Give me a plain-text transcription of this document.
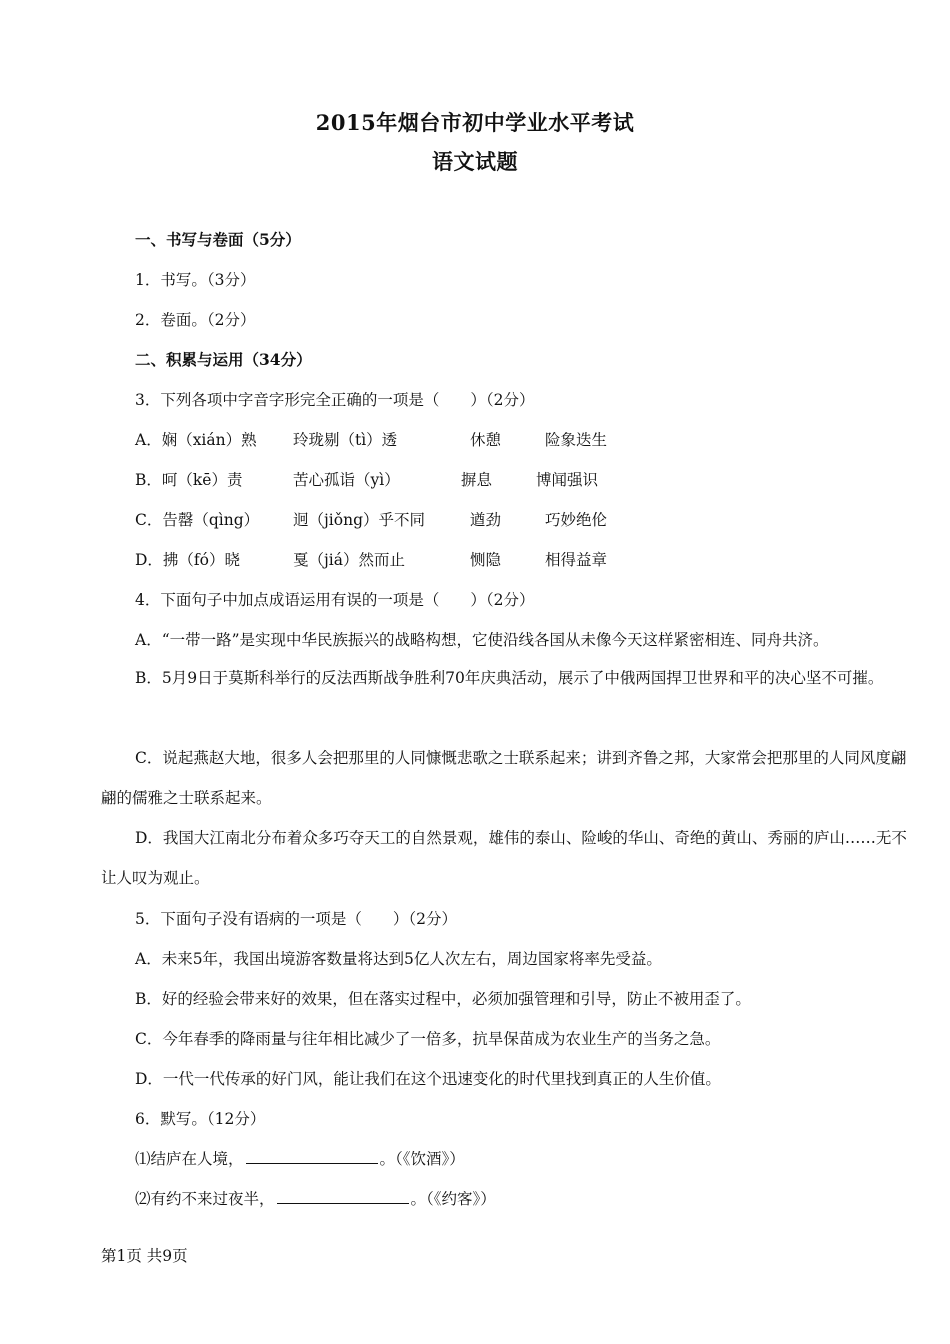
2015年烟台市初中学业水平考试
语文试题
一、书写与卷面（5分）
1．书写。（3分）
2．卷面。（2分）
二、积累与运用（34分）
3．下列各项中字音字形完全正确的一项是（　　）（2分）
A．娴（xián）熟 玲珑剔（tì）透	休憩	险象迭生
B．呵（kē）责	苦心孤诣（yì）	摒息	博闻强识
C．告罄（qìng） 迥（jiǒng）乎不同	遒劲	巧妙绝伦
D．拂（fó）晓	戛（jiá）然而止	恻隐	相得益章
4．下面句子中加点成语运用有误的一项是（　　）（2分）
A．“一带一路”是实现中华民族振兴的战略构想，它使沿线各国从未像今天这样紧密相连、同舟共济。
B．5月9日于莫斯科举行的反法西斯战争胜利70年庆典活动，展示了中俄两国捍卫世界和平的决心坚不可摧。
C．说起燕赵大地，很多人会把那里的人同慷慨悲歌之士联系起来；讲到齐鲁之邦，大家常会把那里的人同风度翩翩的儒雅之士联系起来。
D．我国大江南北分布着众多巧夺天工的自然景观，雄伟的泰山、险峻的华山、奇绝的黄山、秀丽的庐山……无不让人叹为观止。
5．下面句子没有语病的一项是（　　）（2分）
A．未来5年，我国出境游客数量将达到5亿人次左右，周边国家将率先受益。
B．好的经验会带来好的效果，但在落实过程中，必须加强管理和引导，防止不被用歪了。
C．今年春季的降雨量与往年相比减少了一倍多，抗旱保苗成为农业生产的当务之急。
D．一代一代传承的好门风，能让我们在这个迅速变化的时代里找到真正的人生价值。
6．默写。（12分）
⑴结庐在人境，	。（《饮酒》）
⑵有约不来过夜半，	。（《约客》）
第1页 共9页
